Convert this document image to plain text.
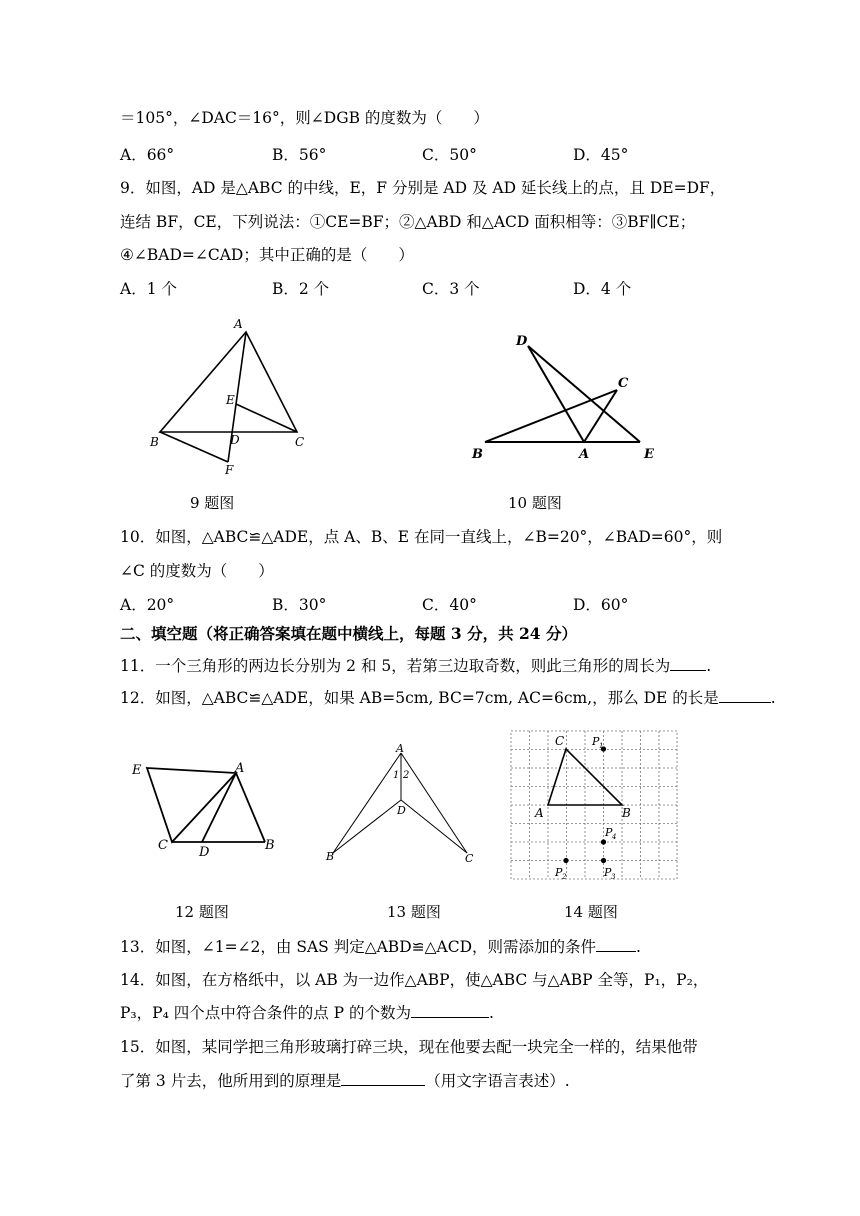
＝105°，∠DAC＝16°，则∠DGB 的度数为（　　）
A．66°	B．56°	C．50°	D．45°
9．如图，AD 是△ABC 的中线，E，F 分别是 AD 及 AD 延长线上的点，且 DE=DF，
连结 BF，CE，下列说法：①CE=BF；②△ABD 和△ACD 面积相等：③BF∥CE；
④∠BAD=∠CAD；其中正确的是（　　）
A．1 个	B．2 个	C．3 个	D．4 个
A
E
B	D	C
F
D
C
B	A	E
E	A
C D	B
A
1 2
D
B	C
C	P 1
A	B
P 4
P 2	P 3
9 题图	10 题图
10．如图，△ABC≌△ADE，点 A、B、E 在同一直线上，∠B=20°，∠BAD=60°，则
∠C 的度数为（　　）
A．20°	B．30°	C．40°	D．60°
二、填空题（将正确答案填在题中横线上，每题 3 分，共 24 分）
11．一个三角形的两边长分别为 2 和 5，若第三边取奇数，则此三角形的周长为 .
12．如图，△ABC≌△ADE，如果 AB=5cm, BC=7cm, AC=6cm,，那么 DE 的长是	.
12 题图	13 题图	14 题图
13．如图，∠1=∠2，由 SAS 判定△ABD≌△ACD，则需添加的条件	.
14．如图，在方格纸中，以 AB 为一边作△ABP，使△ABC 与△ABP 全等，P₁，P₂，
P₃，P₄ 四个点中符合条件的点 P 的个数为	.
15．如图，某同学把三角形玻璃打碎三块，现在他要去配一块完全一样的，结果他带
了第 3 片去，他所用到的原理是	（用文字语言表述）.
